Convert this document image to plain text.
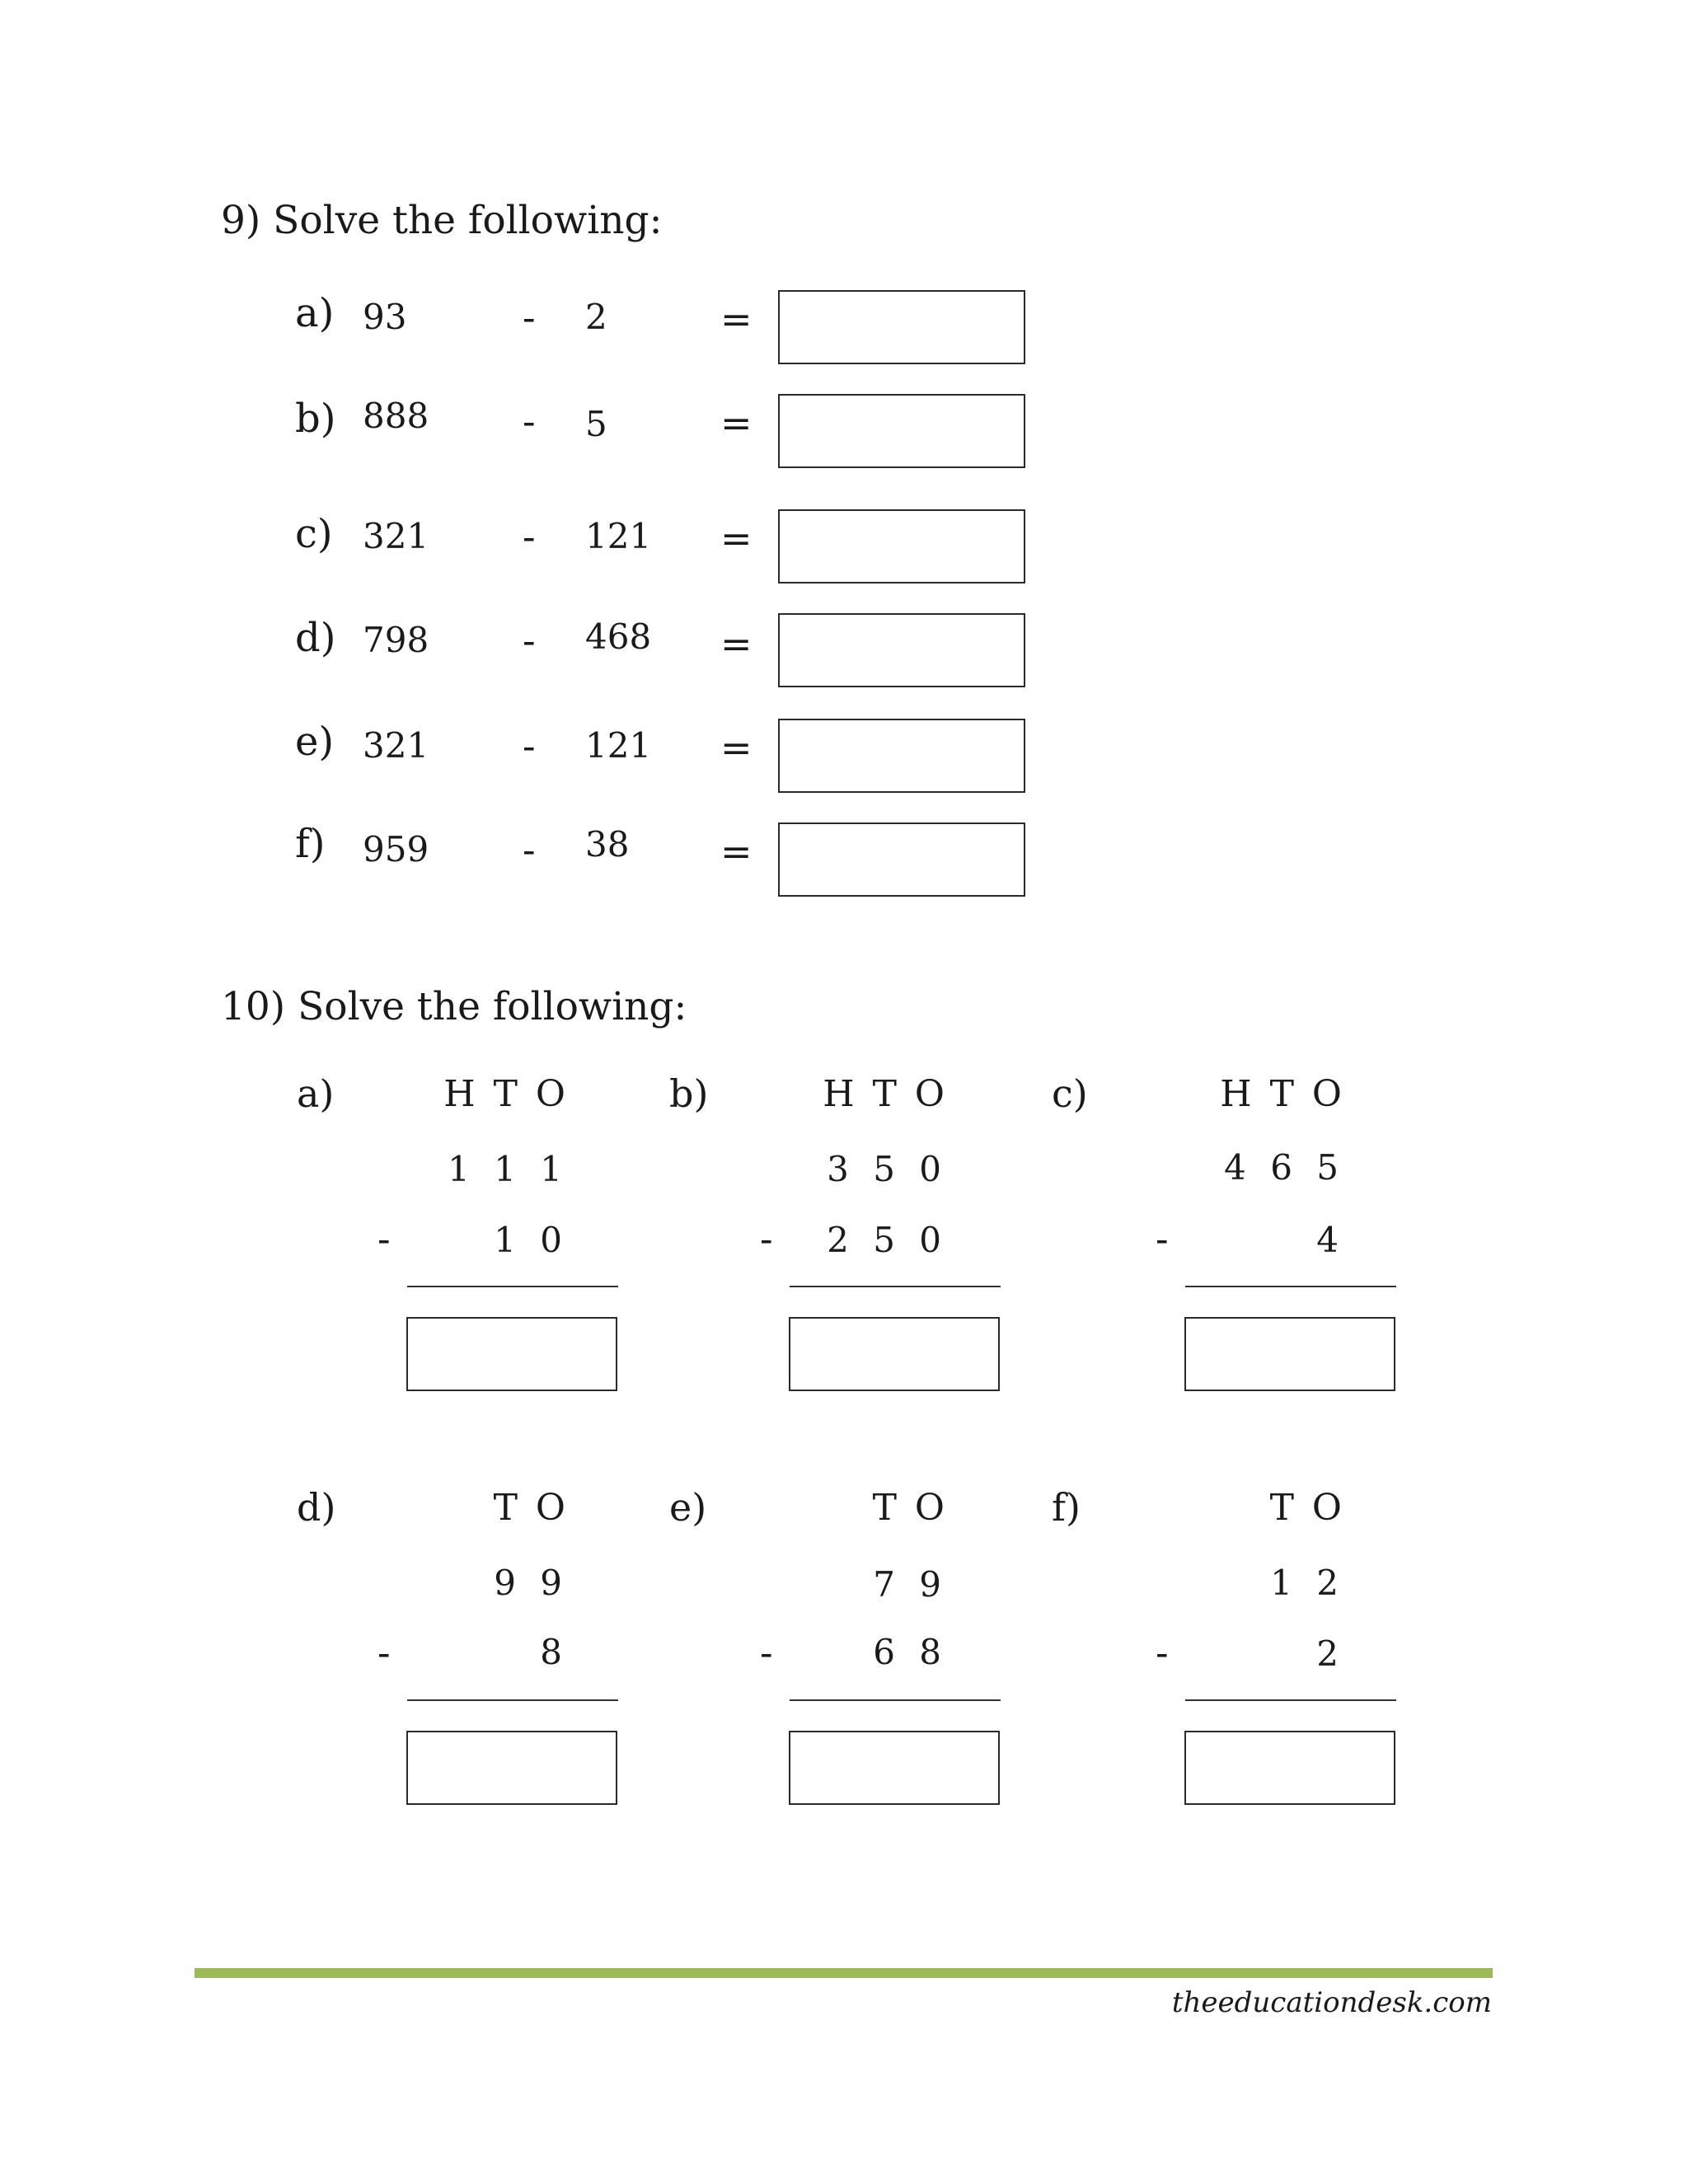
9) Solve the following:
a) 93	- 2	=
b) 888 - 5	=
c) 321 - 121 =
d) 798 - 468 =
e) 321 - 121 =
f) 959 - 38 =
10) Solve the following:
a)	H T O
1 1 1
-	1 0
b)	H T O
3 5 0
-	2 5 0
c)	H T O
4 6 5
-	4
d)	T O
9 9
-	8
e)	T O
7 9
-	6 8
f)	T O
1 2
-	2
theeducationdesk.com
